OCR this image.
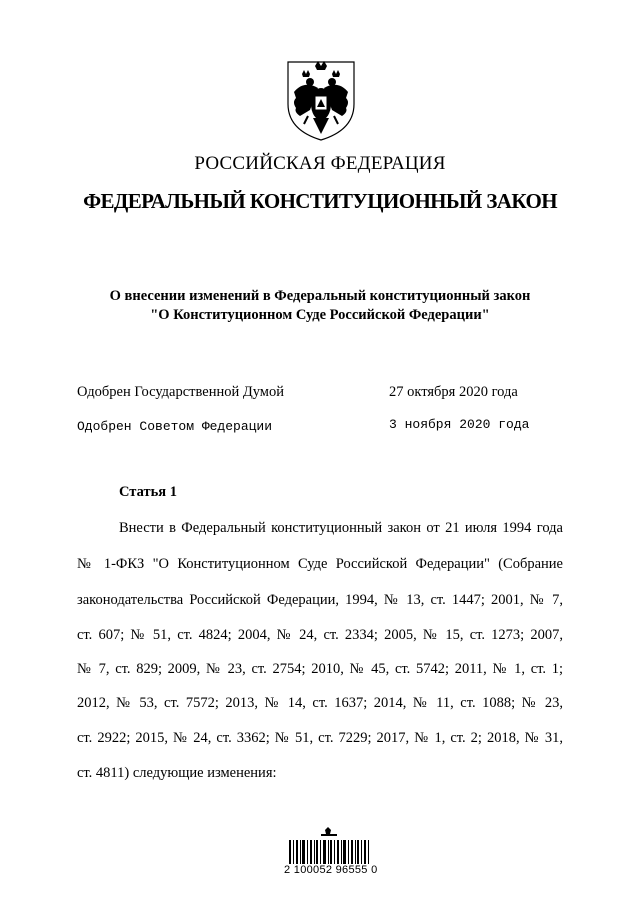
РОССИЙСКАЯ ФЕДЕРАЦИЯ
ФЕДЕРАЛЬНЫЙ КОНСТИТУЦИОННЫЙ ЗАКОН
О внесении изменений в Федеральный конституционный закон
"О Конституционном Суде Российской Федерации"
Одобрен Государственной Думой	27 октября 2020 года
Одобрен Советом Федерации	3 ноября 2020 года
Статья 1
Внести в Федеральный конституционный закон от 21 июля 1994 года
№ 1-ФКЗ "О Конституционном Суде Российской Федерации" (Собрание
законодательства Российской Федерации, 1994, № 13, ст. 1447; 2001, № 7,
ст. 607; № 51, ст. 4824; 2004, № 24, ст. 2334; 2005, № 15, ст. 1273; 2007,
№ 7, ст. 829; 2009, № 23, ст. 2754; 2010, № 45, ст. 5742; 2011, № 1, ст. 1;
2012, № 53, ст. 7572; 2013, № 14, ст. 1637; 2014, № 11, ст. 1088; № 23,
ст. 2922; 2015, № 24, ст. 3362; № 51, ст. 7229; 2017, № 1, ст. 2; 2018, № 31,
ст. 4811) следующие изменения:
2 100052 96555 0
